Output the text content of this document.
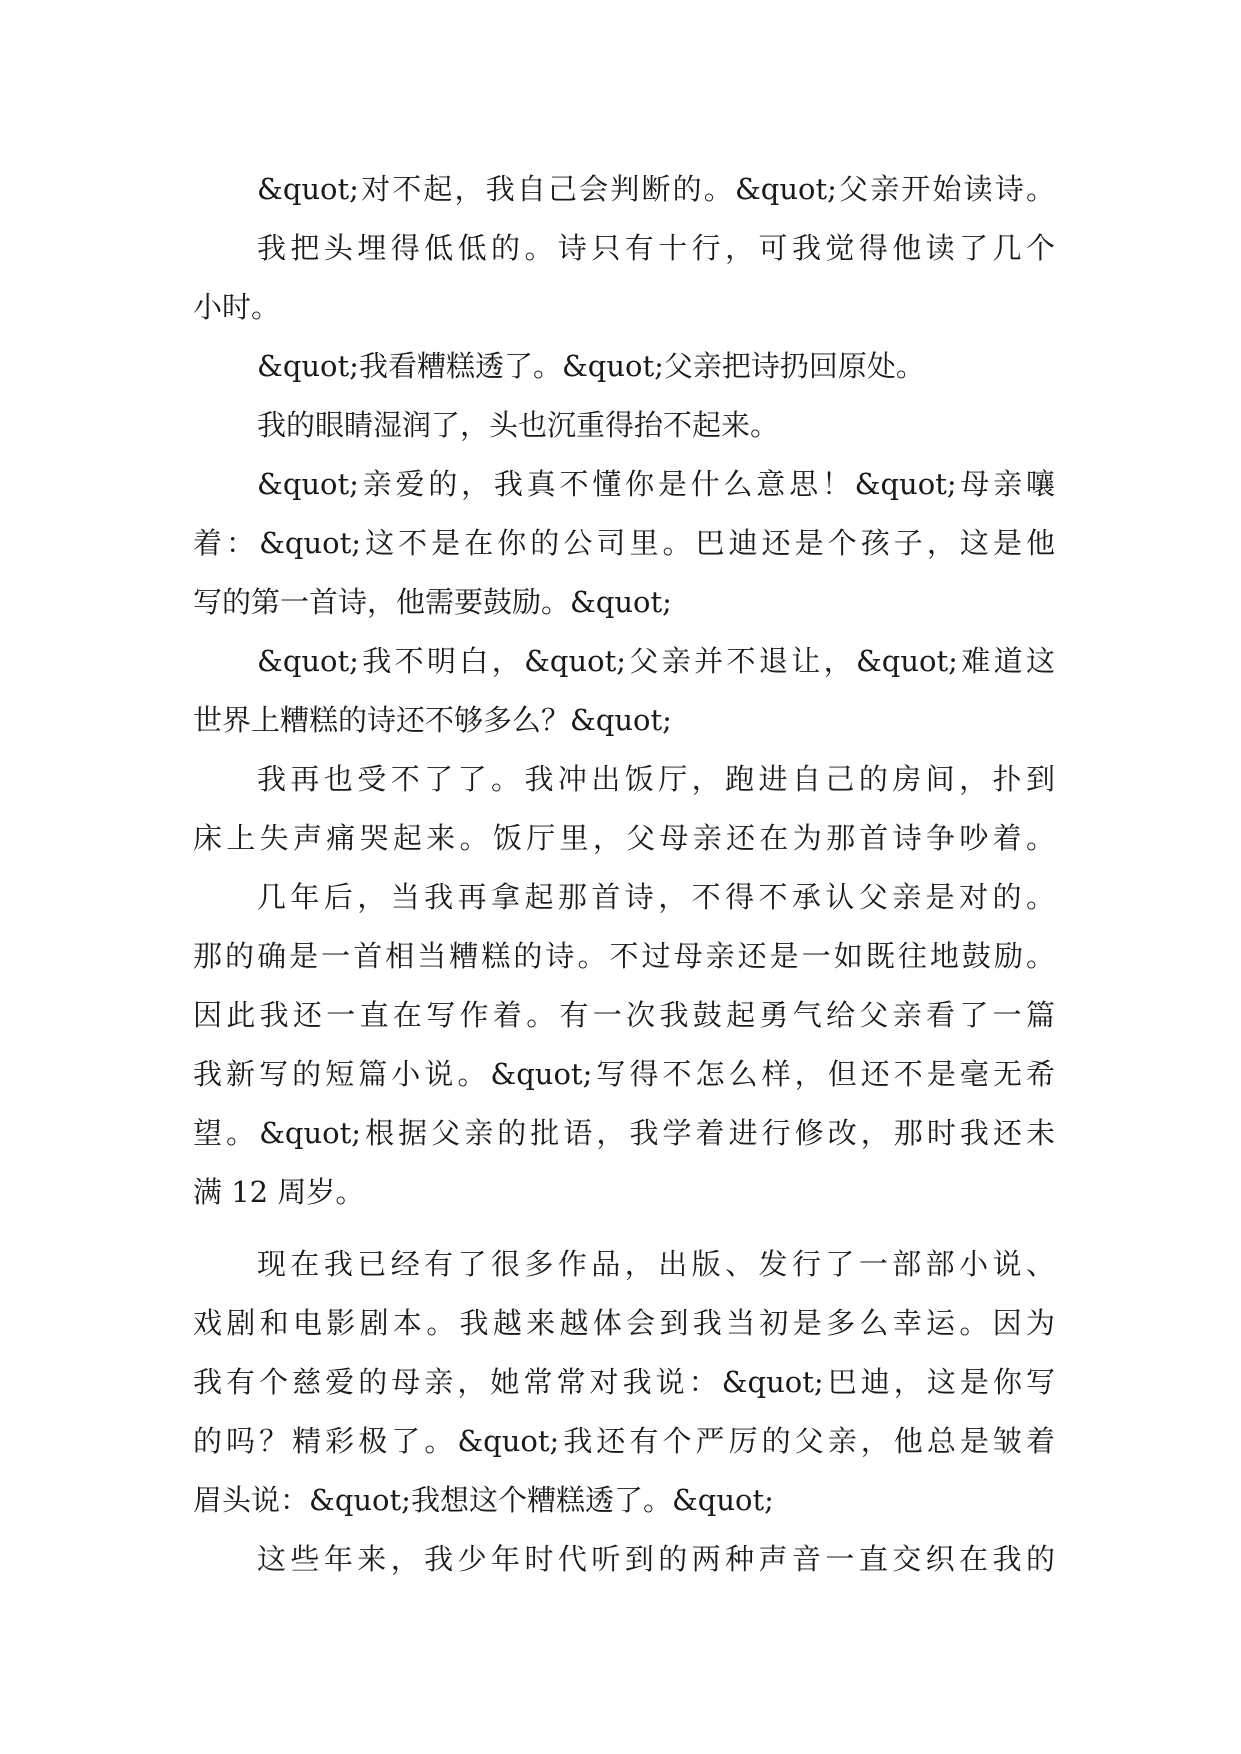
&quot;对不起，我自己会判断的。&quot;父亲开始读诗。
我把头埋得低低的。诗只有十行，可我觉得他读了几个
小时。
&quot;我看糟糕透了。&quot;父亲把诗扔回原处。
我的眼睛湿润了，头也沉重得抬不起来。
&quot;亲爱的，我真不懂你是什么意思！&quot;母亲嚷
着：&quot;这不是在你的公司里。巴迪还是个孩子，这是他
写的第一首诗，他需要鼓励。&quot;
&quot;我不明白，&quot;父亲并不退让，&quot;难道这
世界上糟糕的诗还不够多么？&quot;
我再也受不了了。我冲出饭厅，跑进自己的房间，扑到
床上失声痛哭起来。饭厅里，父母亲还在为那首诗争吵着。
几年后，当我再拿起那首诗，不得不承认父亲是对的。
那的确是一首相当糟糕的诗。不过母亲还是一如既往地鼓励。
因此我还一直在写作着。有一次我鼓起勇气给父亲看了一篇
我新写的短篇小说。&quot;写得不怎么样，但还不是毫无希
望。&quot;根据父亲的批语，我学着进行修改，那时我还未
满 12 周岁。
现在我已经有了很多作品，出版、发行了一部部小说、
戏剧和电影剧本。我越来越体会到我当初是多么幸运。因为
我有个慈爱的母亲，她常常对我说：&quot;巴迪，这是你写
的吗？精彩极了。&quot;我还有个严厉的父亲，他总是皱着
眉头说：&quot;我想这个糟糕透了。&quot;
这些年来，我少年时代听到的两种声音一直交织在我的
